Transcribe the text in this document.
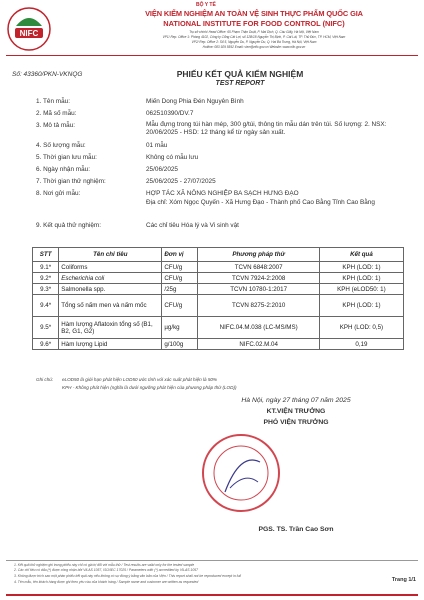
NIFC
BỘ Y TẾ
VIỆN KIỂM NGHIỆM AN TOÀN VỆ SINH THỰC PHẨM QUỐC GIA
NATIONAL INSTITUTE FOR FOOD CONTROL (NIFC)
Trụ sở chính/ Head Office: 65 Phạm Thận Duật, P. Mai Dịch, Q. Cầu Giấy, Hà Nội, Việt Nam
VP1/ Rep. Office 1: Phòng 4102, Công ty Cổng Cát Lợi, số 12B/18 Nguyễn Thị Định, P. Cát Lái, TP. Thủ Đức, TP. HCM, Việt Nam
VP2/ Rep. Office 2: Số 5, Nguyễn Du, P. Nguyễn Du, Q. Hai Bà Trưng, Hà Nội, Việt Nam
Hotline: 083 929 5592 Email: vien@nifc.gov.vn Website: www.nifc.gov.vn
Số: 43360/PKN-VKNQG	PHIẾU KẾT QUẢ KIỂM NGHIỆM
TEST REPORT
1. Tên mẫu:	Miến Dong Phia Đén Nguyên Bình
2. Mã số mẫu:	062510390/DV.7
3. Mô tả mẫu:	Mẫu đựng trong túi hàn mép, 300 g/túi, thông tin mẫu dán trên túi. Số lượng: 2. NSX: 20/06/2025 - HSD: 12 tháng kể từ ngày sản xuất.
4. Số lượng mẫu:	01 mẫu
5. Thời gian lưu mẫu:	Không có mẫu lưu
6. Ngày nhận mẫu:	25/06/2025
7. Thời gian thử nghiệm:	25/06/2025 - 27/07/2025
8. Nơi gửi mẫu:	HỢP TÁC XÃ NÔNG NGHIỆP BA SẠCH HƯNG ĐẠO
Địa chỉ: Xóm Ngọc Quyến - Xã Hưng Đạo - Thành phố Cao Bằng Tỉnh Cao Bằng
9. Kết quả thử nghiệm:	Các chỉ tiêu Hóa lý và Vi sinh vật
STT	Tên chỉ tiêu	Đơn vị	Phương pháp thử	Kết quả
9.1*	Coliforms	CFU/g	TCVN 6848:2007	KPH (LOD: 1)
9.2*	Escherichia coli	CFU/g	TCVN 7924-2:2008	KPH (LOD: 1)
9.3*	Salmonella spp.	/25g	TCVN 10780-1:2017	KPH (eLOD50: 1)
9.4*	Tổng số nấm men và nấm mốc	CFU/g	TCVN 8275-2:2010	KPH (LOD: 1)
9.5*	Hàm lượng Aflatoxin tổng số (B1, B2, G1, G2)	µg/kg	NIFC.04.M.038 (LC-MS/MS)	KPH (LOD: 0,5)
9.6*	Hàm lượng Lipid	g/100g	NIFC.02.M.04	0,19
Ghi chú: eLOD50 là giới hạn phát hiện LOD50 ước tính với xác suất phát hiện là 50%
KPH - Không phát hiện (nghĩa là dưới ngưỡng phát hiện của phương pháp thử (LOD))
Hà Nội, ngày 27 tháng 07 năm 2025
KT.VIỆN TRƯỞNG
PHÓ VIỆN TRƯỞNG
PGS. TS. Trần Cao Sơn
1. Kết quả thử nghiệm ghi trong phiếu này chỉ có giá trị đối với mẫu thử / Test results are valid only for the tested sample
2. Các chỉ tiêu có dấu (*) được công nhận bởi VILAS 1057, ISO/IEC 17025 / Parameters with (*) accredited by VILAS 1057
3. Không được trích sao một phần phiếu kết quả này nếu không có sự đồng ý bằng văn bản của Viện / This report shall not be reproduced except in full
4. Tên mẫu, tên khách hàng được ghi theo yêu cầu của khách hàng / Sample name and customer are written as requested	Trang 1/1
